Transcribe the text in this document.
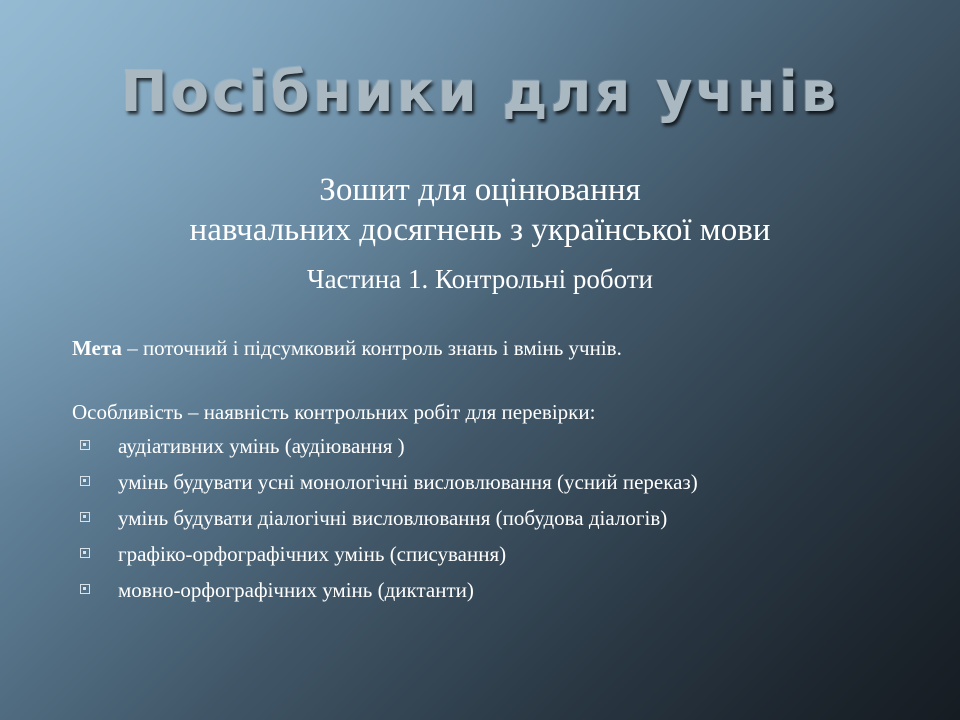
Посібники для учнів
Зошит для оцінювання
навчальних досягнень з української мови
Частина 1. Контрольні роботи

Мета – поточний і підсумковий контроль знань і вмінь учнів.

Особливість – наявність контрольних робіт для перевірки:

аудіативних умінь (аудіювання )
умінь будувати усні монологічні висловлювання (усний переказ)
умінь будувати діалогічні висловлювання (побудова діалогів)
графіко-орфографічних умінь (списування)
мовно-орфографічних умінь (диктанти)
